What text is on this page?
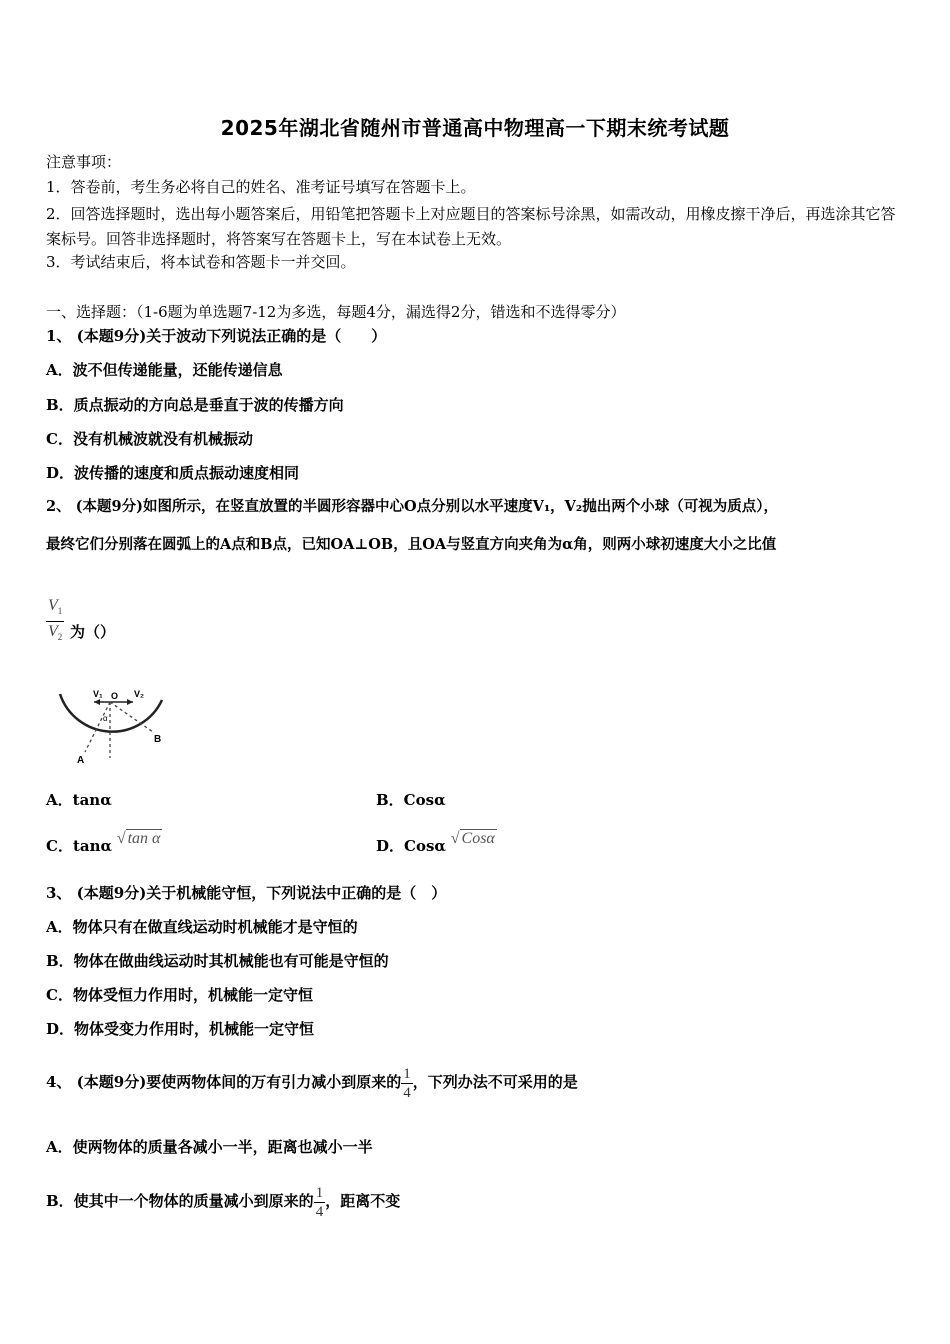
2025年湖北省随州市普通高中物理高一下期末统考试题
注意事项：
1．答卷前，考生务必将自己的姓名、准考证号填写在答题卡上。
2．回答选择题时，选出每小题答案后，用铅笔把答题卡上对应题目的答案标号涂黑，如需改动，用橡皮擦干净后，再选涂其它答案标号。回答非选择题时，将答案写在答题卡上，写在本试卷上无效。
3．考试结束后，将本试卷和答题卡一并交回。
一、选择题：（1-6题为单选题7-12为多选，每题4分，漏选得2分，错选和不选得零分）
1、 (本题9分)关于波动下列说法正确的是（　　）
A．波不但传递能量，还能传递信息
B．质点振动的方向总是垂直于波的传播方向
C．没有机械波就没有机械振动
D．波传播的速度和质点振动速度相同
2、 (本题9分)如图所示，在竖直放置的半圆形容器中心O点分别以水平速度V₁，V₂抛出两个小球（可视为质点），
最终它们分别落在圆弧上的A点和B点，已知OA⊥OB，且OA与竖直方向夹角为α角，则两小球初速度大小之比值
$\frac{V_1}{V_2}$ 为（）
V₁ O V₂
α
A
B
A．tanα	B．Cosα
C．tanα √ tan α	D．Cosα √ Cosα
3、 (本题9分)关于机械能守恒，下列说法中正确的是（　）
A．物体只有在做直线运动时机械能才是守恒的
B．物体在做曲线运动时其机械能也有可能是守恒的
C．物体受恒力作用时，机械能一定守恒
D．物体受变力作用时，机械能一定守恒
4、 (本题9分)要使两物体间的万有引力减小到原来的 $\frac{1}{4}$ ，下列办法不可采用的是
A．使两物体的质量各减小一半，距离也减小一半
B．使其中一个物体的质量减小到原来的 $\frac{1}{4}$ ，距离不变
